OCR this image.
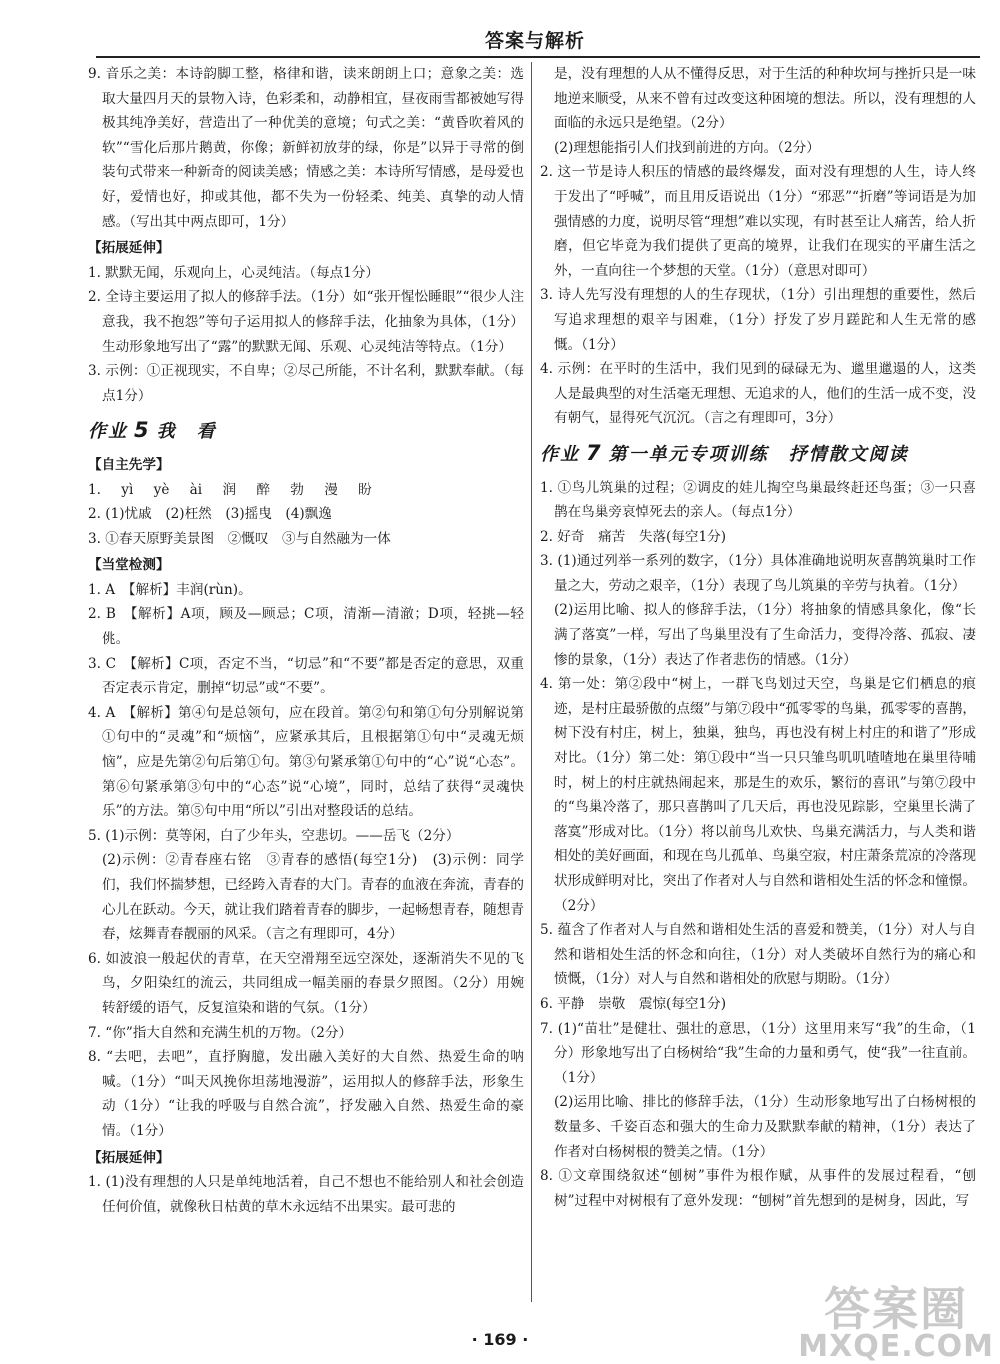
答案与解析

9. 音乐之美：本诗韵脚工整，格律和谐，读来朗朗上口；意象之美：选取大量四月天的景物入诗，色彩柔和，动静相宜，昼夜雨雪都被她写得极其纯净美好，营造出了一种优美的意境；句式之美：“黄昏吹着风的软”“雪化后那片鹅黄，你像；新鲜初放芽的绿，你是”以异于寻常的倒装句式带来一种新奇的阅读美感；情感之美：本诗所写情感，是母爱也好，爱情也好，抑或其他，都不失为一份轻柔、纯美、真挚的动人情感。（写出其中两点即可，1分）

【拓展延伸】

1. 默默无闻，乐观向上，心灵纯洁。（每点1分）

2. 全诗主要运用了拟人的修辞手法。（1分）如“张开惺忪睡眼”“很少人注意我，我不抱怨”等句子运用拟人的修辞手法，化抽象为具体，（1分）生动形象地写出了“露”的默默无闻、乐观、心灵纯洁等特点。（1分）

3. 示例：①正视现实，不自卑；②尽己所能，不计名利，默默奉献。（每点1分）

作业 5 我　看

【自主先学】

1. yì yè ài 润 醉 勃 漫 盼

2. (1)忧戚　(2)枉然　(3)摇曳　(4)飘逸

3. ①春天原野美景图　②慨叹　③与自然融为一体

【当堂检测】

1. A　【解析】丰润(rùn)。

2. B　【解析】A项，顾及—顾忌；C项，清渐—清澈；D项，轻挑—轻佻。

3. C　【解析】C项，否定不当，“切忌”和“不要”都是否定的意思，双重否定表示肯定，删掉“切忌”或“不要”。

4. A　【解析】第④句是总领句，应在段首。第②句和第①句分别解说第①句中的“灵魂”和“烦恼”，应紧承其后，且根据第①句中“灵魂无烦恼”，应是先第②句后第①句。第③句紧承第①句中的“心”说“心态”。第⑥句紧承第③句中的“心态”说“心境”，同时，总结了获得“灵魂快乐”的方法。第⑤句中用“所以”引出对整段话的总结。

5. (1)示例：莫等闲，白了少年头，空悲切。——岳飞（2分）

(2)示例：②青春座右铭　③青春的感悟(每空1分)　(3)示例：同学们，我们怀揣梦想，已经跨入青春的大门。青春的血液在奔流，青春的心儿在跃动。今天，就让我们踏着青春的脚步，一起畅想青春，随想青春，炫舞青春靓丽的风采。（言之有理即可，4分）

6. 如波浪一般起伏的青草，在天空滑翔至远空深处，逐渐消失不见的飞鸟，夕阳染红的流云，共同组成一幅美丽的春景夕照图。（2分）用婉转舒缓的语气，反复渲染和谐的气氛。（1分）

7. “你”指大自然和充满生机的万物。（2分）

8. “去吧，去吧”，直抒胸臆，发出融入美好的大自然、热爱生命的呐喊。（1分）“叫天风挽你坦荡地漫游”，运用拟人的修辞手法，形象生动（1分）“让我的呼吸与自然合流”，抒发融入自然、热爱生命的豪情。（1分）

【拓展延伸】

1. (1)没有理想的人只是单纯地活着，自己不想也不能给别人和社会创造任何价值，就像秋日枯黄的草木永远结不出果实。最可悲的

是，没有理想的人从不懂得反思，对于生活的种种坎坷与挫折只是一味地逆来顺受，从来不曾有过改变这种困境的想法。所以，没有理想的人面临的永远只是绝望。（2分）

(2)理想能指引人们找到前进的方向。（2分）

2. 这一节是诗人积压的情感的最终爆发，面对没有理想的人生，诗人终于发出了“呼喊”，而且用反语说出（1分）“邪恶”“折磨”等词语是为加强情感的力度，说明尽管“理想”难以实现，有时甚至让人痛苦，给人折磨，但它毕竟为我们提供了更高的境界，让我们在现实的平庸生活之外，一直向往一个梦想的天堂。（1分）（意思对即可）

3. 诗人先写没有理想的人的生存现状，（1分）引出理想的重要性，然后写追求理想的艰辛与困难，（1分）抒发了岁月蹉跎和人生无常的感慨。（1分）

4. 示例：在平时的生活中，我们见到的碌碌无为、邋里邋遢的人，这类人是最典型的对生活毫无理想、无追求的人，他们的生活一成不变，没有朝气，显得死气沉沉。（言之有理即可，3分）

作业 7 第一单元专项训练　抒情散文阅读

1. ①鸟儿筑巢的过程；②调皮的娃儿掏空鸟巢最终赶还鸟蛋；③一只喜鹊在鸟巢旁哀悼死去的亲人。（每点1分）

2. 好奇　痛苦　失落(每空1分)

3. (1)通过列举一系列的数字，（1分）具体准确地说明灰喜鹊筑巢时工作量之大，劳动之艰辛，（1分）表现了鸟儿筑巢的辛劳与执着。（1分）

(2)运用比喻、拟人的修辞手法，（1分）将抽象的情感具象化，像“长满了落寞”一样，写出了鸟巢里没有了生命活力，变得冷落、孤寂、凄惨的景象，（1分）表达了作者悲伤的情感。（1分）

4. 第一处：第②段中“树上，一群飞鸟划过天空，鸟巢是它们栖息的痕迹，是村庄最骄傲的点缀”与第⑦段中“孤零零的鸟巢，孤零零的喜鹊，树下没有村庄，树上，独巢，独鸟，再也没有树上村庄的和谐了”形成对比。（1分）第二处：第①段中“当一只只雏鸟叽叽喳喳地在巢里待哺时，树上的村庄就热闹起来，那是生的欢乐，繁衍的喜讯”与第⑦段中的“鸟巢冷落了，那只喜鹊叫了几天后，再也没见踪影，空巢里长满了落寞”形成对比。（1分）将以前鸟儿欢快、鸟巢充满活力，与人类和谐相处的美好画面，和现在鸟儿孤单、鸟巢空寂，村庄萧条荒凉的冷落现状形成鲜明对比，突出了作者对人与自然和谐相处生活的怀念和憧憬。（2分）

5. 蕴含了作者对人与自然和谐相处生活的喜爱和赞美，（1分）对人与自然和谐相处生活的怀念和向往，（1分）对人类破坏自然行为的痛心和愤慨，（1分）对人与自然和谐相处的欣慰与期盼。（1分）

6. 平静　崇敬　震惊(每空1分)

7. (1)“苗壮”是健壮、强壮的意思，（1分）这里用来写“我”的生命，（1分）形象地写出了白杨树给“我”生命的力量和勇气，使“我”一往直前。（1分）

(2)运用比喻、排比的修辞手法，（1分）生动形象地写出了白杨树根的数量多、千姿百态和强大的生命力及默默奉献的精神，（1分）表达了作者对白杨树根的赞美之情。（1分）

8. ①文章围绕叙述“刨树”事件为根作赋，从事件的发展过程看，“刨树”过程中对树根有了意外发现：“刨树”首先想到的是树身，因此，写

· 169 ·
答案圈
MXQE.COM
